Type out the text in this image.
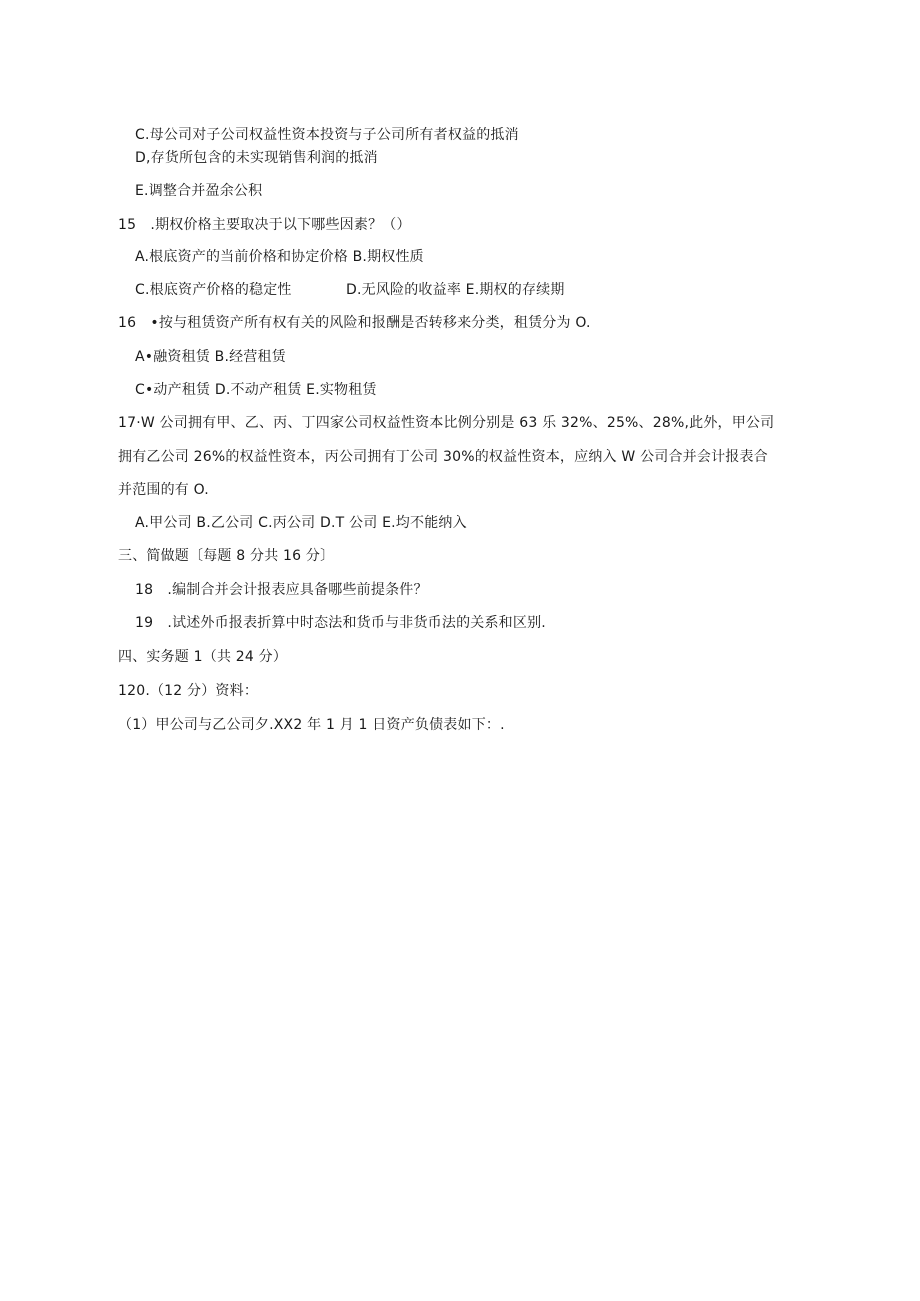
C.母公司对子公司权益性资本投资与子公司所有者权益的抵消
D,存货所包含的未实现销售利润的抵消
E.调整合并盈余公积
15 .期权价格主要取决于以下哪些因素？（）
A.根底资产的当前价格和协定价格 B.期权性质
C.根底资产价格的稳定性	D.无风险的收益率 E.期权的存续期
16 •按与租赁资产所有权有关的风险和报酬是否转移来分类，租赁分为 O.
A•融资租赁 B.经营租赁
C•动产租赁 D.不动产租赁 E.实物租赁
17·W 公司拥有甲、乙、丙、丁四家公司权益性资本比例分别是 63 乐 32%、25%、28%,此外，甲公司
拥有乙公司 26%的权益性资本，丙公司拥有丁公司 30%的权益性资本，应纳入 W 公司合并会计报表合
并范围的有 O.
A.甲公司 B.乙公司 C.丙公司 D.T 公司 E.均不能纳入
三、简做题〔每题 8 分共 16 分〕
18 .编制合并会计报表应具备哪些前提条件？
19 .试述外币报表折算中时态法和货币与非货币法的关系和区别.
四、实务题 1（共 24 分）
120.（12 分）资料：
（1）甲公司与乙公司夕.XX2 年 1 月 1 日资产负债表如下：.
